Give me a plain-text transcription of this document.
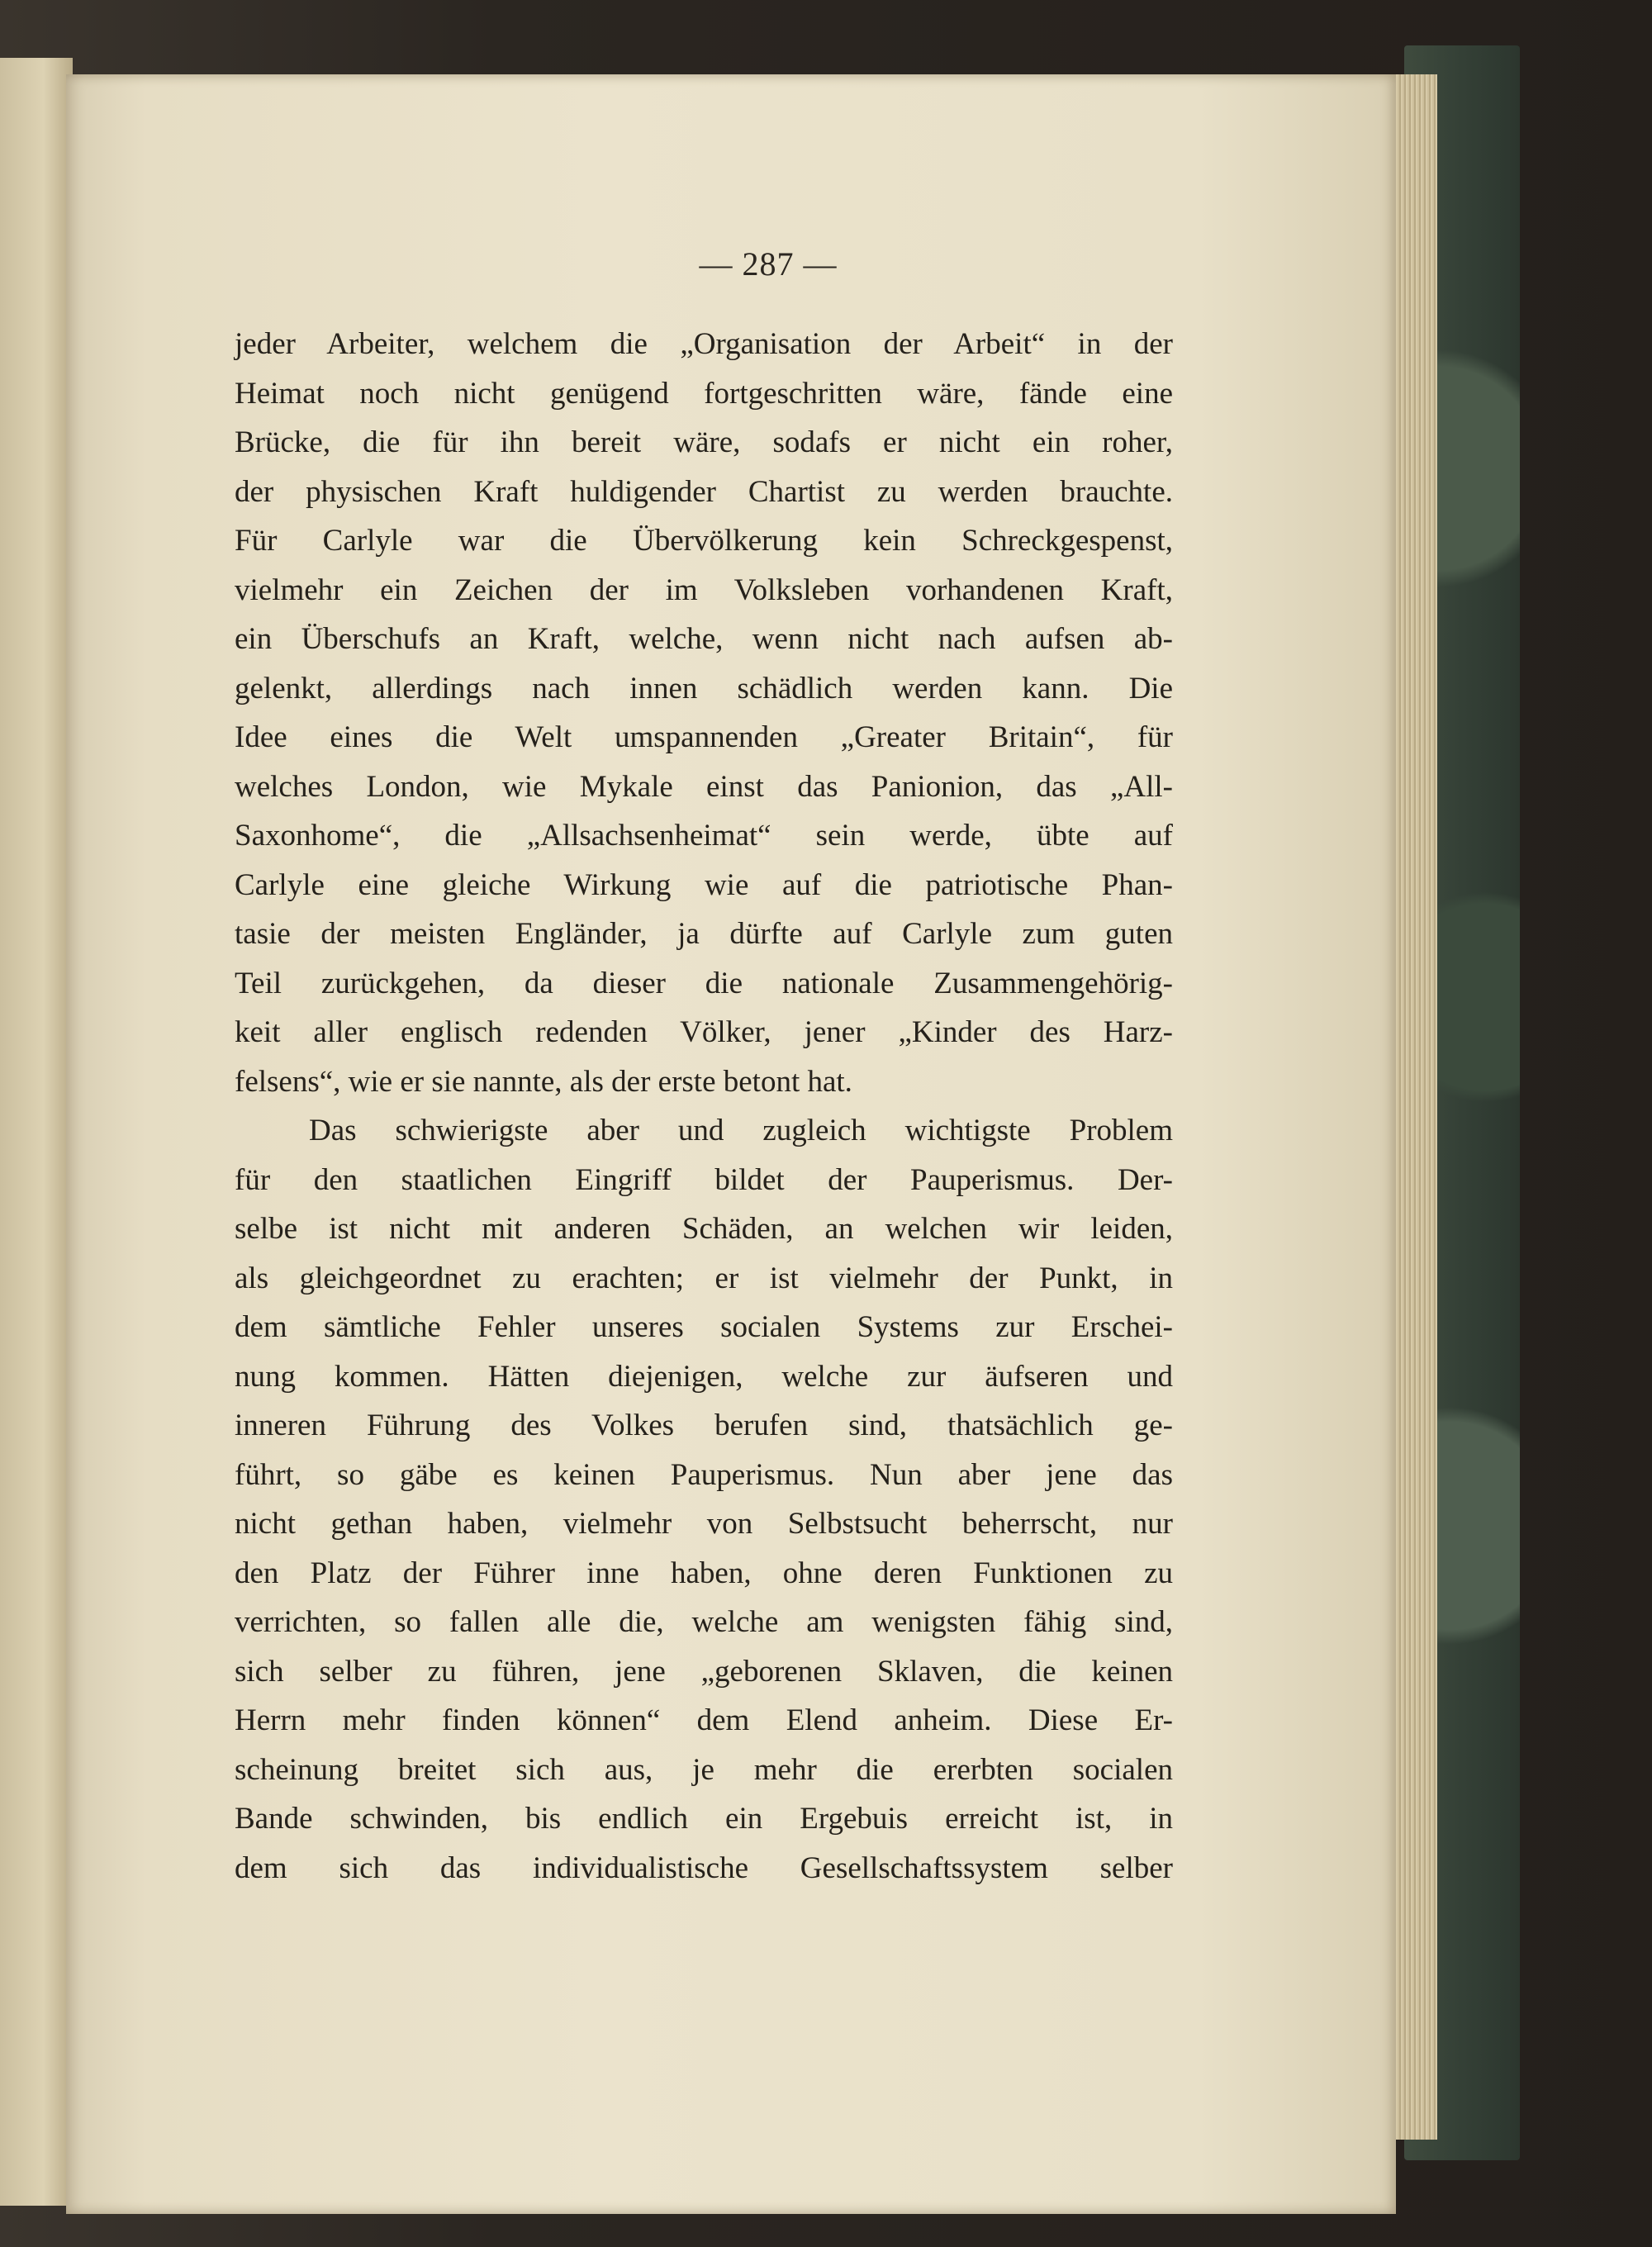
— 287 —
jeder Arbeiter, welchem die „Organisation der Arbeit“ in der
Heimat noch nicht genügend fortgeschritten wäre, fände eine
Brücke, die für ihn bereit wäre, sodafs er nicht ein roher,
der physischen Kraft huldigender Chartist zu werden brauchte.
Für Carlyle war die Übervölkerung kein Schreckgespenst,
vielmehr ein Zeichen der im Volksleben vorhandenen Kraft,
ein Überschufs an Kraft, welche, wenn nicht nach aufsen ab-
gelenkt, allerdings nach innen schädlich werden kann. Die
Idee eines die Welt umspannenden „Greater Britain“, für
welches London, wie Mykale einst das Panionion, das „All-
Saxonhome“, die „Allsachsenheimat“ sein werde, übte auf
Carlyle eine gleiche Wirkung wie auf die patriotische Phan-
tasie der meisten Engländer, ja dürfte auf Carlyle zum guten
Teil zurückgehen, da dieser die nationale Zusammengehörig-
keit aller englisch redenden Völker, jener „Kinder des Harz-
felsens“, wie er sie nannte, als der erste betont hat.
Das schwierigste aber und zugleich wichtigste Problem
für den staatlichen Eingriff bildet der Pauperismus. Der-
selbe ist nicht mit anderen Schäden, an welchen wir leiden,
als gleichgeordnet zu erachten; er ist vielmehr der Punkt, in
dem sämtliche Fehler unseres socialen Systems zur Erschei-
nung kommen. Hätten diejenigen, welche zur äufseren und
inneren Führung des Volkes berufen sind, thatsächlich ge-
führt, so gäbe es keinen Pauperismus. Nun aber jene das
nicht gethan haben, vielmehr von Selbstsucht beherrscht, nur
den Platz der Führer inne haben, ohne deren Funktionen zu
verrichten, so fallen alle die, welche am wenigsten fähig sind,
sich selber zu führen, jene „geborenen Sklaven, die keinen
Herrn mehr finden können“ dem Elend anheim. Diese Er-
scheinung breitet sich aus, je mehr die ererbten socialen
Bande schwinden, bis endlich ein Ergebuis erreicht ist, in
dem sich das individualistische Gesellschaftssystem selber
